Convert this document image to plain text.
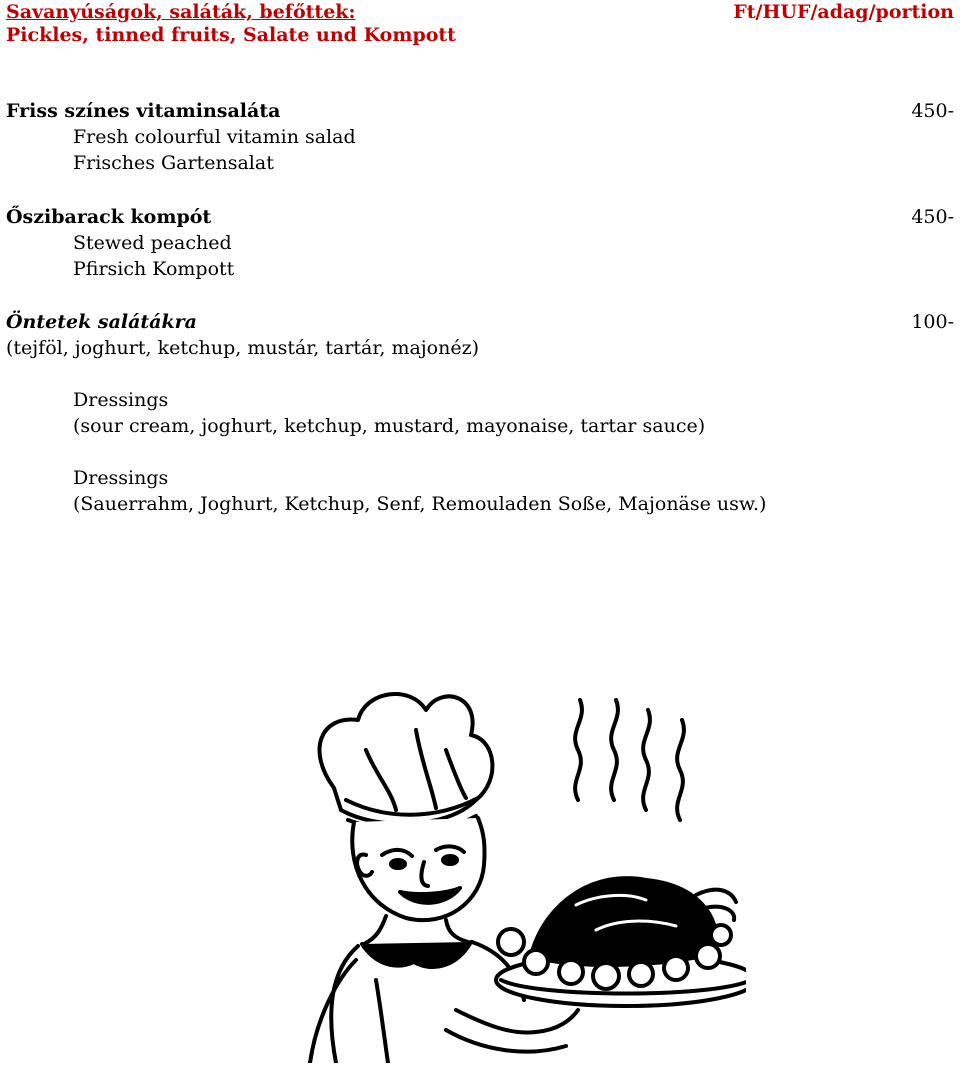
Savanyúságok, saláták, befőttek:
Pickles, tinned fruits, Salate und Kompott
Ft/HUF/adag/portion
Friss színes vitaminsaláta	450-
Fresh colourful vitamin salad
Frisches Gartensalat
Őszibarack kompót	450-
Stewed peached
Pfirsich Kompott
Öntetek salátákra	100-
(tejföl, joghurt, ketchup, mustár, tartár, majonéz)
Dressings
(sour cream, joghurt, ketchup, mustard, mayonaise, tartar sauce)
Dressings
(Sauerrahm, Joghurt, Ketchup, Senf, Remouladen Soße, Majonäse usw.)
